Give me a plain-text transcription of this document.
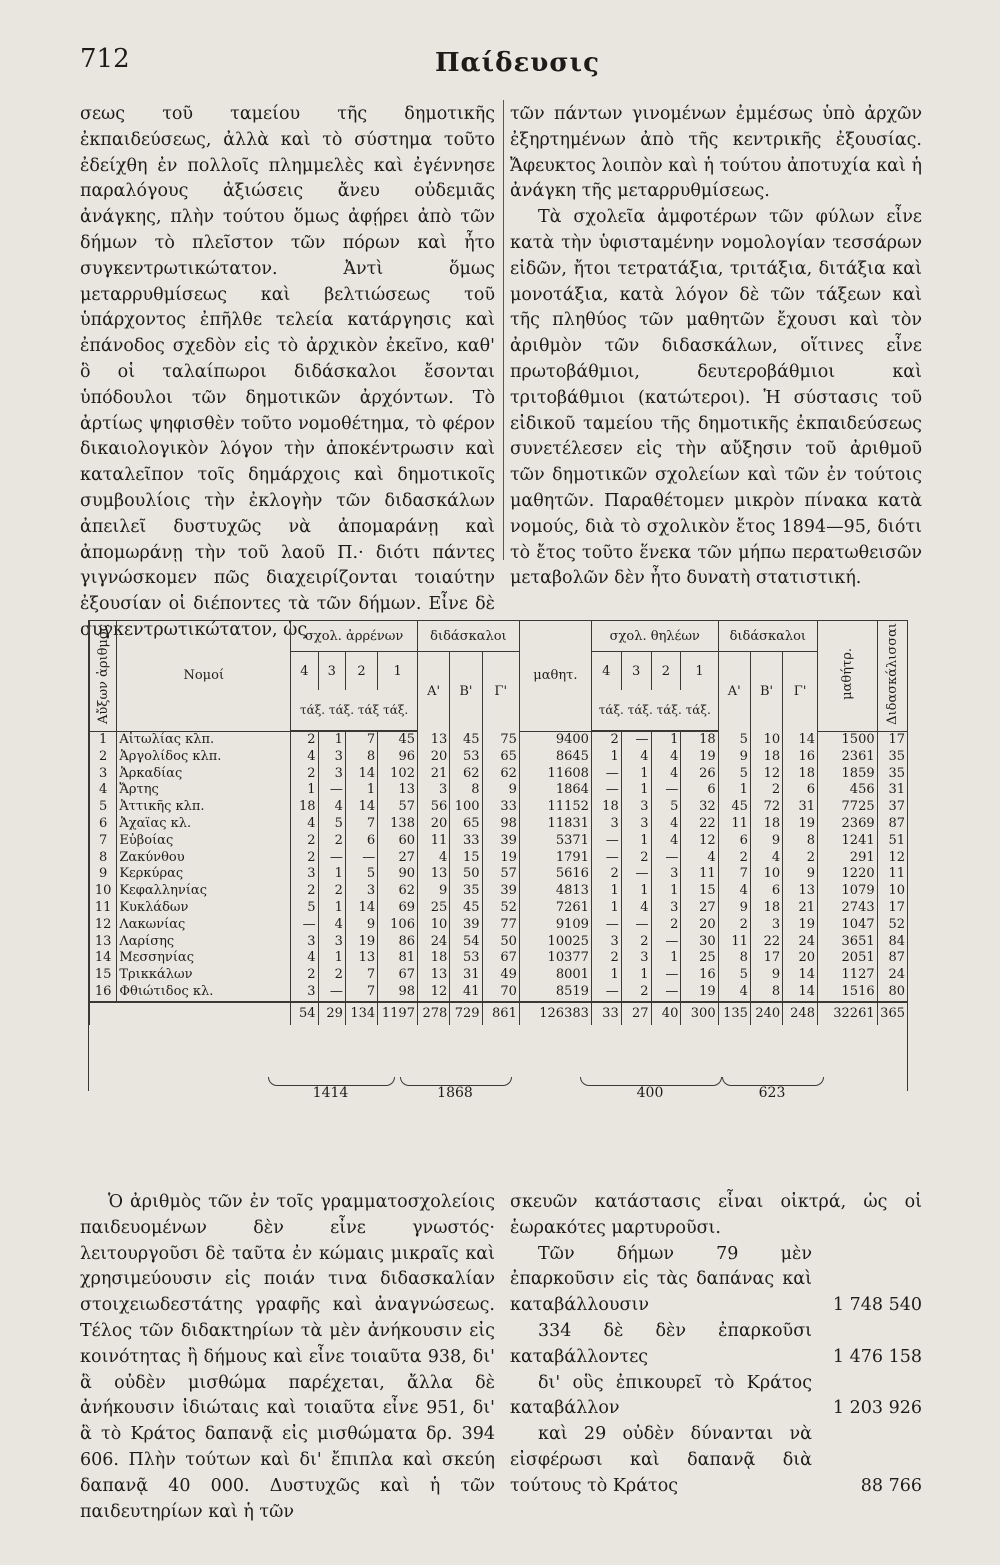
712	Παίδευσις

σεως τοῦ ταμείου τῆς δημοτικῆς ἐκπαιδεύσεως, ἀλλὰ καὶ τὸ σύστημα τοῦτο ἐδείχθη ἐν πολλοῖς πλημμελὲς καὶ ἐγέννησε παραλόγους ἀξιώσεις ἄνευ οὐδεμιᾶς ἀνάγκης, πλὴν τούτου ὅμως ἀφῄρει ἀπὸ τῶν δήμων τὸ πλεῖστον τῶν πόρων καὶ ἦτο συγκεντρωτικώτατον. Ἀντὶ ὅμως μεταρρυθμίσεως καὶ βελτιώσεως τοῦ ὑπάρχοντος ἐπῆλθε τελεία κατάργησις καὶ ἐπάνοδος σχεδὸν εἰς τὸ ἀρχικὸν ἐκεῖνο, καθ' ὃ οἱ ταλαίπωροι διδάσκαλοι ἔσονται ὑπόδουλοι τῶν δημοτικῶν ἀρχόντων. Τὸ ἀρτίως ψηφισθὲν τοῦτο νομοθέτημα, τὸ φέρον δικαιολογικὸν λόγον τὴν ἀποκέντρωσιν καὶ καταλεῖπον τοῖς δημάρχοις καὶ δημοτικοῖς συμβουλίοις τὴν ἐκλογὴν τῶν διδασκάλων ἀπειλεῖ δυστυχῶς νὰ ἀπομαράνῃ καὶ ἀπομωράνῃ τὴν τοῦ λαοῦ Π.· διότι πάντες γιγνώσκομεν πῶς διαχειρίζονται τοιαύτην ἐξουσίαν οἱ διέποντες τὰ τῶν δήμων. Εἶνε δὲ συγκεντρωτικώτατον, ὡς

τῶν πάντων γινομένων ἐμμέσως ὑπὸ ἀρχῶν ἐξηρτημένων ἀπὸ τῆς κεντρικῆς ἐξουσίας. Ἄφευκτος λοιπὸν καὶ ἡ τούτου ἀποτυχία καὶ ἡ ἀνάγκη τῆς μεταρρυθμίσεως.

Τὰ σχολεῖα ἀμφοτέρων τῶν φύλων εἶνε κατὰ τὴν ὑφισταμένην νομολογίαν τεσσάρων εἰδῶν, ἤτοι τετρατάξια, τριτάξια, διτάξια καὶ μονοτάξια, κατὰ λόγον δὲ τῶν τάξεων καὶ τῆς πληθύος τῶν μαθητῶν ἔχουσι καὶ τὸν ἀριθμὸν τῶν διδασκάλων, οἵτινες εἶνε πρωτοβάθμιοι, δευτεροβάθμιοι καὶ τριτοβάθμιοι (κατώτεροι). Ἡ σύστασις τοῦ εἰδικοῦ ταμείου τῆς δημοτικῆς ἐκπαιδεύσεως συνετέλεσεν εἰς τὴν αὔξησιν τοῦ ἀριθμοῦ τῶν δημοτικῶν σχολείων καὶ τῶν ἐν τούτοις μαθητῶν. Παραθέτομεν μικρὸν πίνακα κατὰ νομούς, διὰ τὸ σχολικὸν ἔτος 1894—95, διότι τὸ ἔτος τοῦτο ἕνεκα τῶν μήπω περατωθεισῶν μεταβολῶν δὲν ἦτο δυνατὴ στατιστική.

Αὔξων ἀριθμός	Νομοί	σχολ. ἀρρένων				διδάσκαλοι			μαθητ.	σχολ. θηλέων				διδάσκαλοι			μαθήτρ.	Διδασκάλισσαι
		4	3	2	1	Α'	Β'	Γ'		4	3	2	1	Α'	Β'	Γ'		
		τάξ. τάξ. τάξ τάξ.								τάξ. τάξ. τάξ. τάξ.								
1	Αἰτωλίας κλπ.	2	1	7	45	13	45	75	9400	2	—	1	18	5	10	14	1500	17
2	Ἀργολίδος κλπ.	4	3	8	96	20	53	65	8645	1	4	4	19	9	18	16	2361	35
3	Ἀρκαδίας	2	3	14	102	21	62	62	11608	—	1	4	26	5	12	18	1859	35
4	Ἄρτης	1	—	1	13	3	8	9	1864	—	1	—	6	1	2	6	456	31
5	Ἀττικῆς κλπ.	18	4	14	57	56	100	33	11152	18	3	5	32	45	72	31	7725	37
6	Ἀχαΐας κλ.	4	5	7	138	20	65	98	11831	3	3	4	22	11	18	19	2369	87
7	Εὐβοίας	2	2	6	60	11	33	39	5371	—	1	4	12	6	9	8	1241	51
8	Ζακύνθου	2	—	—	27	4	15	19	1791	—	2	—	4	2	4	2	291	12
9	Κερκύρας	3	1	5	90	13	50	57	5616	2	—	3	11	7	10	9	1220	11
10	Κεφαλληνίας	2	2	3	62	9	35	39	4813	1	1	1	15	4	6	13	1079	10
11	Κυκλάδων	5	1	14	69	25	45	52	7261	1	4	3	27	9	18	21	2743	17
12	Λακωνίας	—	4	9	106	10	39	77	9109	—	—	2	20	2	3	19	1047	52
13	Λαρίσης	3	3	19	86	24	54	50	10025	3	2	—	30	11	22	24	3651	84
14	Μεσσηνίας	4	1	13	81	18	53	67	10377	2	3	1	25	8	17	20	2051	87
15	Τρικκάλων	2	2	7	67	13	31	49	8001	1	1	—	16	5	9	14	1127	24
16	Φθιώτιδος κλ.	3	—	7	98	12	41	70	8519	—	2	—	19	4	8	14	1516	80
		54	29	134	1197	278	729	861	126383	33	27	40	300	135	240	248	32261	365
1414	1868	400	623

Ὁ ἀριθμὸς τῶν ἐν τοῖς γραμματοσχολείοις παιδευομένων δὲν εἶνε γνωστός· λειτουργοῦσι δὲ ταῦτα ἐν κώμαις μικραῖς καὶ χρησιμεύουσιν εἰς ποιάν τινα διδασκαλίαν στοιχειωδεστάτης γραφῆς καὶ ἀναγνώσεως. Τέλος τῶν διδακτηρίων τὰ μὲν ἀνήκουσιν εἰς κοινότητας ἢ δήμους καὶ εἶνε τοιαῦτα 938, δι' ἃ οὐδὲν μισθώμα παρέχεται, ἄλλα δὲ ἀνήκουσιν ἰδιώταις καὶ τοιαῦτα εἶνε 951, δι' ἃ τὸ Κράτος δαπανᾷ εἰς μισθώματα δρ. 394 606. Πλὴν τούτων καὶ δι' ἔπιπλα καὶ σκεύη δαπανᾷ 40 000. Δυστυχῶς καὶ ἡ τῶν παιδευτηρίων καὶ ἡ τῶν

σκευῶν κατάστασις εἶναι οἰκτρά, ὡς οἱ ἑωρακότες μαρτυροῦσι.

Τῶν δήμων 79 μὲν ἐπαρκοῦσιν εἰς τὰς δαπάνας καὶ καταβάλλουσιν	1 748 540
334 δὲ δὲν ἐπαρκοῦσι καταβάλλοντες	1 476 158
δι' οὓς ἐπικουρεῖ τὸ Κράτος καταβάλλον	1 203 926
καὶ 29 οὐδὲν δύνανται νὰ εἰσφέρωσι καὶ δαπανᾷ διὰ τούτους τὸ Κράτος	88 766
